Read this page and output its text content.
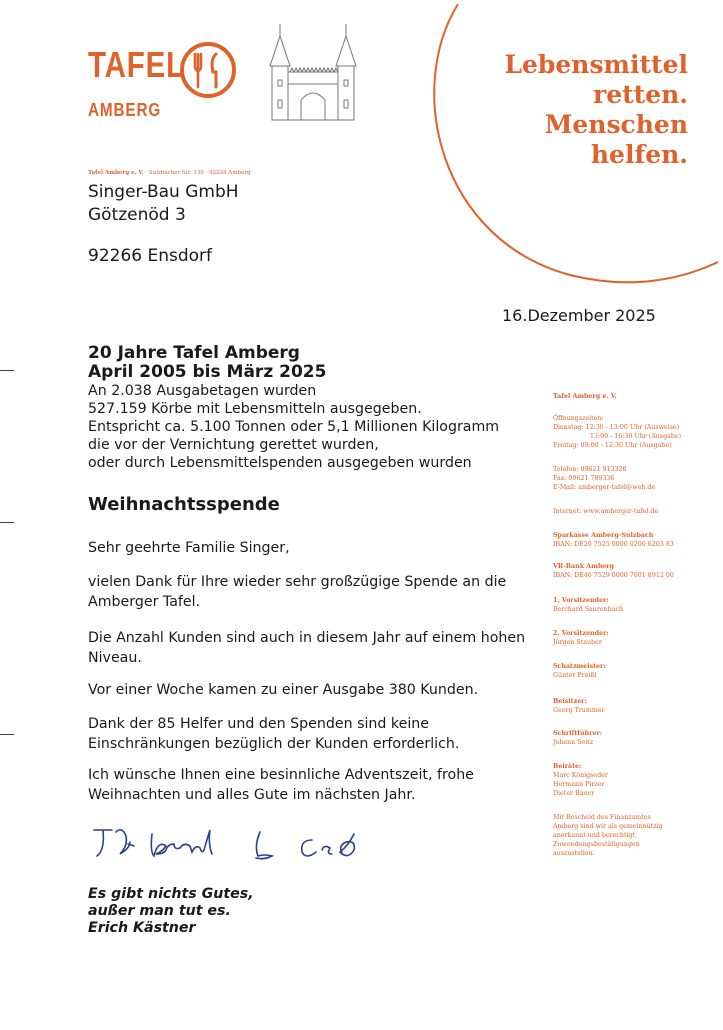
TAFEL
AMBERG
Lebensmittel
retten.
Menschen
helfen.
Tafel Amberg e. V. · Sulzbacher Str. 130 · 92224 Amberg
Singer-Bau GmbH
Götzenöd 3
92266 Ensdorf
16.Dezember 2025
20 Jahre Tafel Amberg
April 2005 bis März 2025
An 2.038 Ausgabetagen wurden
527.159 Körbe mit Lebensmitteln ausgegeben.
Entspricht ca. 5.100 Tonnen oder 5,1 Millionen Kilogramm
die vor der Vernichtung gerettet wurden,
oder durch Lebensmittelspenden ausgegeben wurden
Weihnachtsspende
Sehr geehrte Familie Singer,
vielen Dank für Ihre wieder sehr großzügige Spende an die Amberger Tafel.
Die Anzahl Kunden sind auch in diesem Jahr auf einem hohen Niveau.
Vor einer Woche kamen zu einer Ausgabe 380 Kunden.
Dank der 85 Helfer und den Spenden sind keine Einschränkungen bezüglich der Kunden erforderlich.
Ich wünsche Ihnen eine besinnliche Adventszeit, frohe Weihnachten und alles Gute im nächsten Jahr.
Es gibt nichts Gutes,
außer man tut es.
Erich Kästner
Tafel Amberg e. V.
Öffnungszeiten:
Dienstag: 12:30 - 13:00 Uhr (Ausweise)
13:00 - 16:30 Uhr (Ausgabe)
Freitag: 09:00 - 12:30 Uhr (Ausgabe)
Telefon: 09621 913328
Fax: 09621 789336
E-Mail: amberger-tafel@web.de
Internet: www.amberger-tafel.de
Sparkasse Amberg-Sulzbach
IBAN: DE20 7525 0000 0200 6203 83
VR-Bank Amberg
IBAN: DE46 7529 0000 7001 8912 00
1. Vorsitzender:
Berchard Saurenbach
2. Vorsitzender:
Jürgen Stauber
Schatzmeister:
Günter Preißl
Beisitzer:
Georg Trummer
Schriftführer:
Johann Seitz
Beiräte:
Marc Königseder
Hermann Pirzer
Dieter Bauer
Mit Bescheid des Finanzamtes
Amberg sind wir als gemeinnützig
anerkannt und berechtigt,
Zuwendungsbestätigungen
auszustellen.
